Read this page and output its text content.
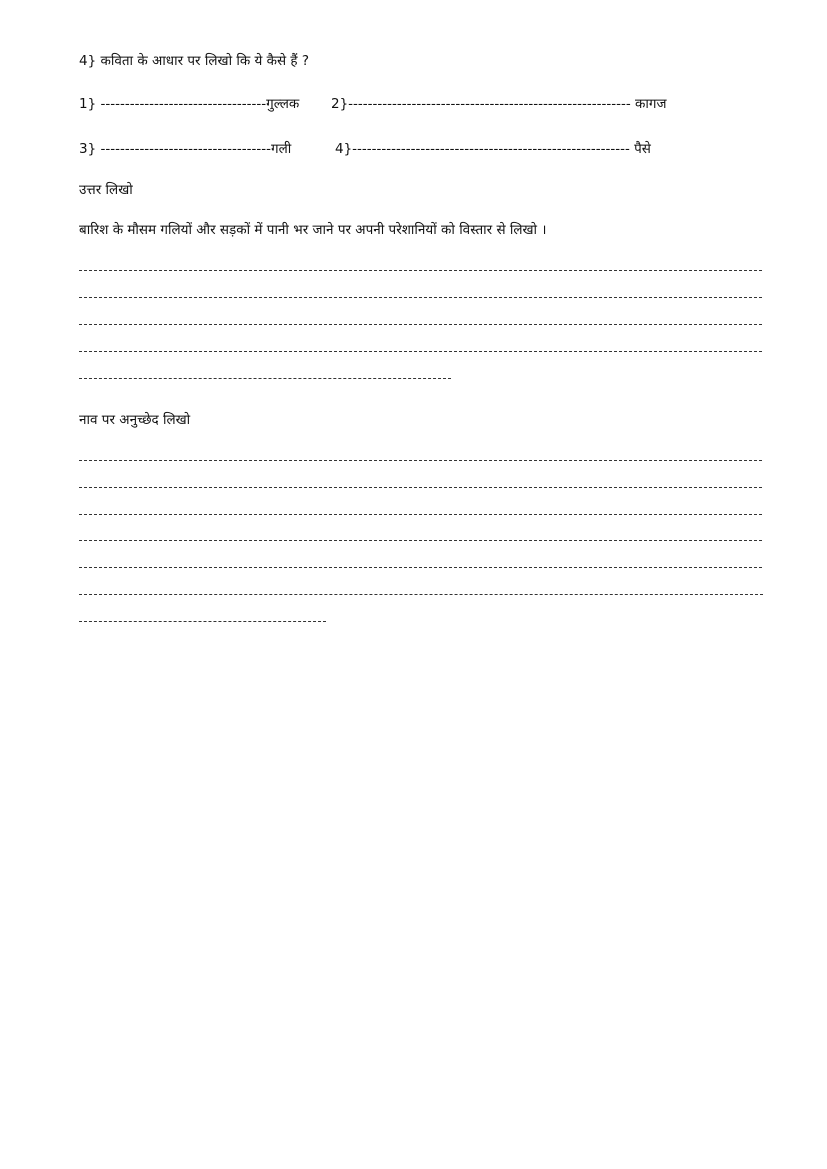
4} कविता के आधार पर लिखो कि ये कैसे हैं ?
1} ----------------------------------गुल्लक 2}---------------------------------------------------------- कागज
3} -----------------------------------गली	4}--------------------------------------------------------- पैसे
उत्तर लिखो
बारिश के मौसम गलियों और सड़कों में पानी भर जाने पर अपनी परेशानियों को विस्तार से लिखो ।
नाव पर अनुच्छेद लिखो
